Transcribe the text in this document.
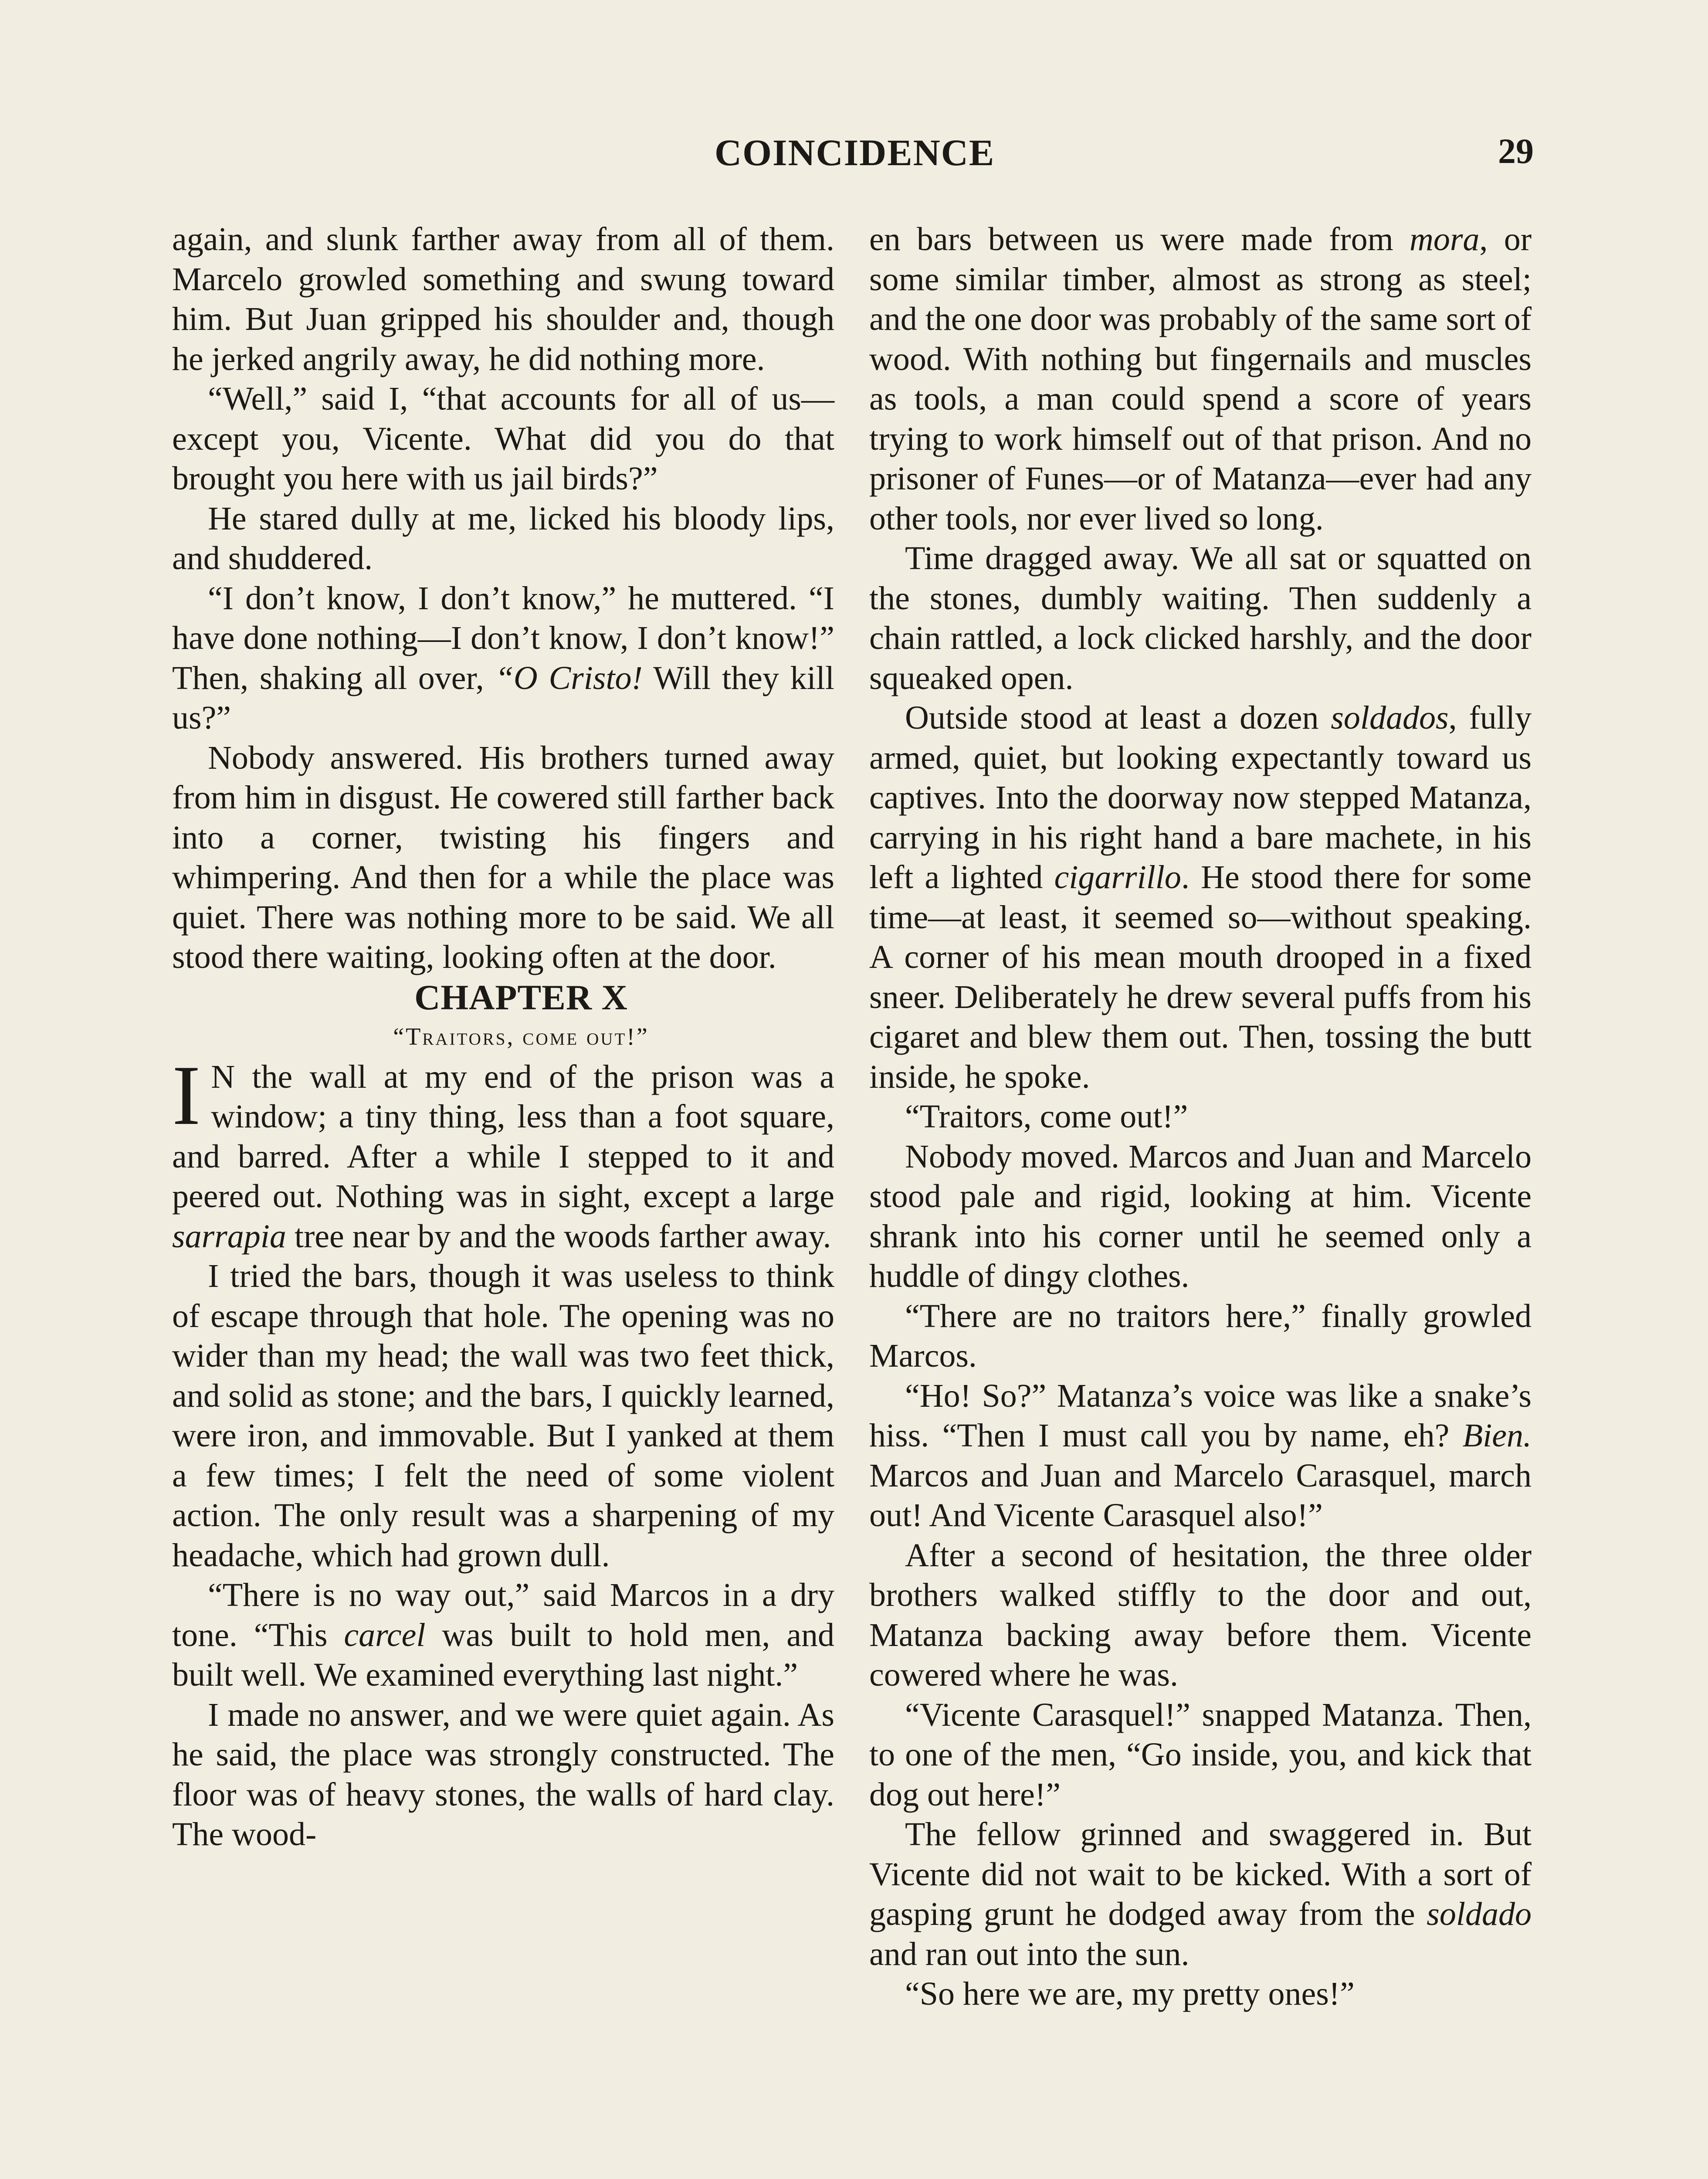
COINCIDENCE	29

again, and slunk farther away from all of them. Marcelo growled something and swung toward him. But Juan gripped his shoulder and, though he jerked angrily away, he did nothing more.

“Well,” said I, “that accounts for all of us—except you, Vicente. What did you do that brought you here with us jail birds?”

He stared dully at me, licked his bloody lips, and shuddered.

“I don’t know, I don’t know,” he muttered. “I have done nothing—I don’t know, I don’t know!” Then, shaking all over, “O Cristo! Will they kill us?”

Nobody answered. His brothers turned away from him in disgust. He cowered still farther back into a corner, twisting his fingers and whimpering. And then for a while the place was quiet. There was nothing more to be said. We all stood there waiting, looking often at the door.

CHAPTER X

“Traitors, come out!”

I N the wall at my end of the prison was a window; a tiny thing, less than a foot square, and barred. After a while I stepped to it and peered out. Nothing was in sight, except a large sarrapia tree near by and the woods farther away.

I tried the bars, though it was useless to think of escape through that hole. The opening was no wider than my head; the wall was two feet thick, and solid as stone; and the bars, I quickly learned, were iron, and immovable. But I yanked at them a few times; I felt the need of some violent action. The only result was a sharpening of my headache, which had grown dull.

“There is no way out,” said Marcos in a dry tone. “This carcel was built to hold men, and built well. We examined everything last night.”

I made no answer, and we were quiet again. As he said, the place was strongly constructed. The floor was of heavy stones, the walls of hard clay. The wood-

en bars between us were made from mora, or some similar timber, almost as strong as steel; and the one door was probably of the same sort of wood. With nothing but fingernails and muscles as tools, a man could spend a score of years trying to work himself out of that prison. And no prisoner of Funes—or of Matanza—ever had any other tools, nor ever lived so long.

Time dragged away. We all sat or squatted on the stones, dumbly waiting. Then suddenly a chain rattled, a lock clicked harshly, and the door squeaked open.

Outside stood at least a dozen soldados, fully armed, quiet, but looking expectantly toward us captives. Into the doorway now stepped Matanza, carrying in his right hand a bare machete, in his left a lighted cigarrillo. He stood there for some time—at least, it seemed so—without speaking. A corner of his mean mouth drooped in a fixed sneer. Deliberately he drew several puffs from his cigaret and blew them out. Then, tossing the butt inside, he spoke.

“Traitors, come out!”

Nobody moved. Marcos and Juan and Marcelo stood pale and rigid, looking at him. Vicente shrank into his corner until he seemed only a huddle of dingy clothes.

“There are no traitors here,” finally growled Marcos.

“Ho! So?” Matanza’s voice was like a snake’s hiss. “Then I must call you by name, eh? Bien. Marcos and Juan and Marcelo Carasquel, march out! And Vicente Carasquel also!”

After a second of hesitation, the three older brothers walked stiffly to the door and out, Matanza backing away before them. Vicente cowered where he was.

“Vicente Carasquel!” snapped Matanza. Then, to one of the men, “Go inside, you, and kick that dog out here!”

The fellow grinned and swaggered in. But Vicente did not wait to be kicked. With a sort of gasping grunt he dodged away from the soldado and ran out into the sun.

“So here we are, my pretty ones!”
